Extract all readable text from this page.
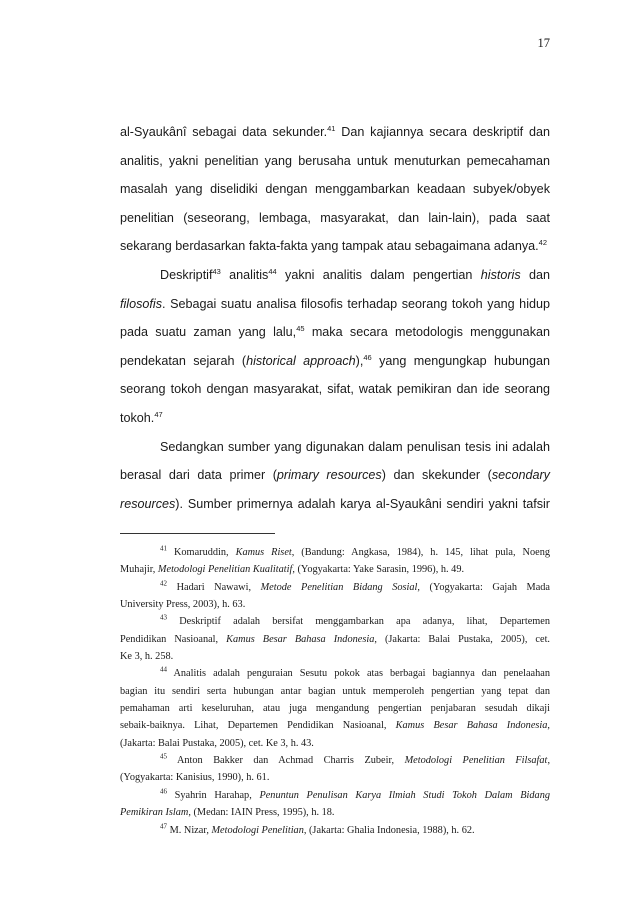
17
al-Syaukânî sebagai data sekunder.$^{41}$ Dan kajiannya secara deskriptif dan
analitis, yakni penelitian yang berusaha untuk menuturkan pemecahaman
masalah yang diselidiki dengan menggambarkan keadaan subyek/obyek
penelitian (seseorang, lembaga, masyarakat, dan lain-lain), pada saat
sekarang berdasarkan fakta-fakta yang tampak atau sebagaimana adanya.$^{42}$
Deskriptif$^{43}$ analitis$^{44}$ yakni analitis dalam pengertian historis dan
filosofis. Sebagai suatu analisa filosofis terhadap seorang tokoh yang hidup
pada suatu zaman yang lalu,$^{45}$ maka secara metodologis menggunakan
pendekatan sejarah (historical approach),$^{46}$ yang mengungkap hubungan
seorang tokoh dengan masyarakat, sifat, watak pemikiran dan ide seorang
tokoh.$^{47}$
Sedangkan sumber yang digunakan dalam penulisan tesis ini adalah
berasal dari data primer (primary resources) dan skekunder (secondary
resources). Sumber primernya adalah karya al-Syaukâni sendiri yakni tafsir
$^{41}$ Komaruddin, Kamus Riset, (Bandung: Angkasa, 1984), h. 145, lihat pula, Noeng
Muhajir, Metodologi Penelitian Kualitatif, (Yogyakarta: Yake Sarasin, 1996), h. 49.
$^{42}$ Hadari Nawawi, Metode Penelitian Bidang Sosial, (Yogyakarta: Gajah Mada
University Press, 2003), h. 63.
$^{43}$ Deskriptif adalah bersifat menggambarkan apa adanya, lihat, Departemen
Pendidikan Nasioanal, Kamus Besar Bahasa Indonesia, (Jakarta: Balai Pustaka, 2005), cet.
Ke 3, h. 258.
$^{44}$ Analitis adalah penguraian Sesutu pokok atas berbagai bagiannya dan penelaahan
bagian itu sendiri serta hubungan antar bagian untuk memperoleh pengertian yang tepat dan
pemahaman arti keseluruhan, atau juga mengandung pengertian penjabaran sesudah dikaji
sebaik-baiknya. Lihat, Departemen Pendidikan Nasioanal, Kamus Besar Bahasa Indonesia,
(Jakarta: Balai Pustaka, 2005), cet. Ke 3, h. 43.
$^{45}$ Anton Bakker dan Achmad Charris Zubeir, Metodologi Penelitian Filsafat,
(Yogyakarta: Kanisius, 1990), h. 61.
$^{46}$ Syahrin Harahap, Penuntun Penulisan Karya Ilmiah Studi Tokoh Dalam Bidang
Pemikiran Islam, (Medan: IAIN Press, 1995), h. 18.
$^{47}$ M. Nizar, Metodologi Penelitian, (Jakarta: Ghalia Indonesia, 1988), h. 62.
